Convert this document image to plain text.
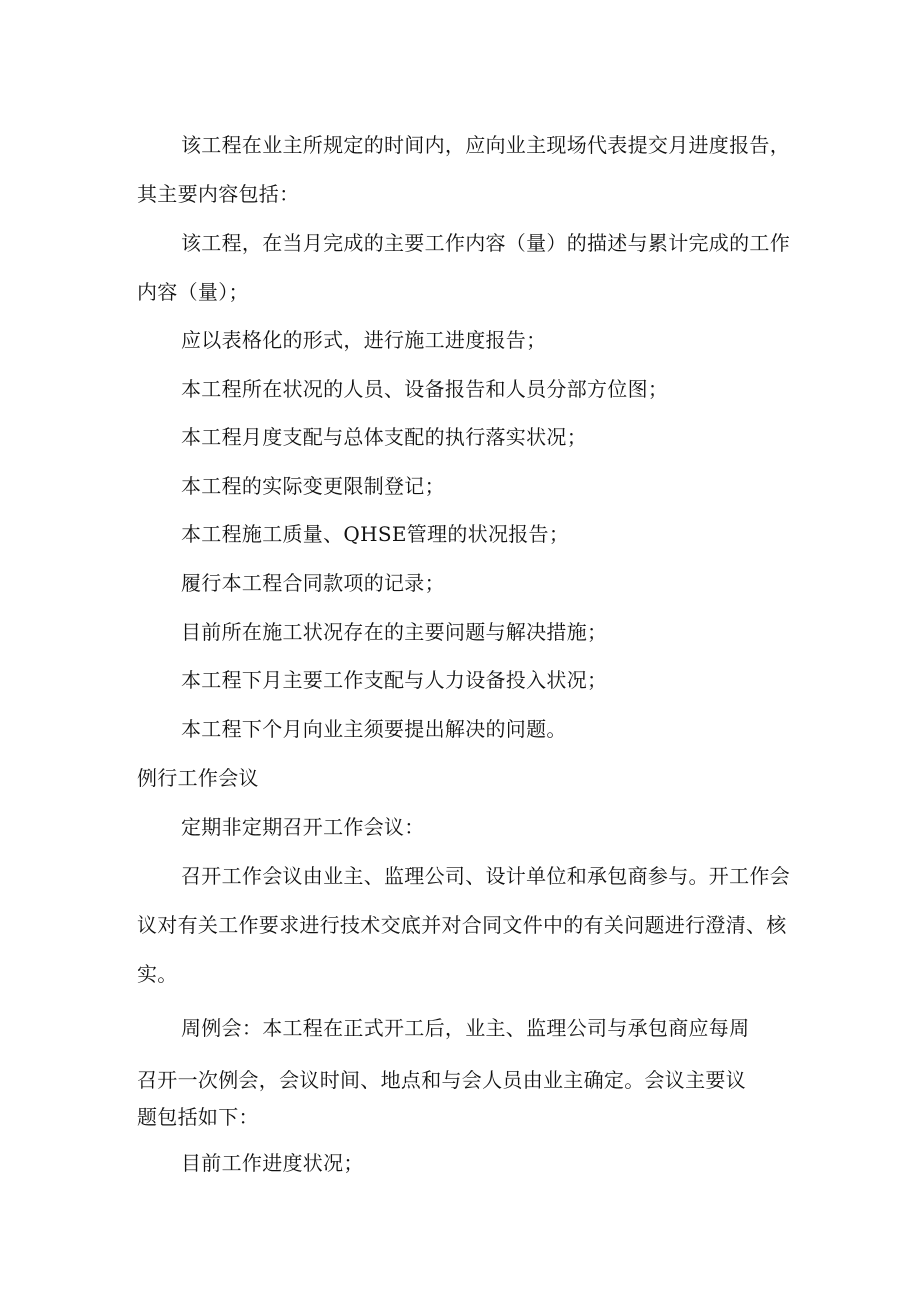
该工程在业主所规定的时间内，应向业主现场代表提交月进度报告，
其主要内容包括：
该工程，在当月完成的主要工作内容（量）的描述与累计完成的工作
内容（量）；
应以表格化的形式，进行施工进度报告；
本工程所在状况的人员、设备报告和人员分部方位图；
本工程月度支配与总体支配的执行落实状况；
本工程的实际变更限制登记；
本工程施工质量、QHSE管理的状况报告；
履行本工程合同款项的记录；
目前所在施工状况存在的主要问题与解决措施；
本工程下月主要工作支配与人力设备投入状况；
本工程下个月向业主须要提出解决的问题。
例行工作会议
定期非定期召开工作会议：
召开工作会议由业主、监理公司、设计单位和承包商参与。开工作会
议对有关工作要求进行技术交底并对合同文件中的有关问题进行澄清、核
实。
周例会：本工程在正式开工后，业主、监理公司与承包商应每周
召开一次例会，会议时间、地点和与会人员由业主确定。会议主要议
题包括如下：
目前工作进度状况；
